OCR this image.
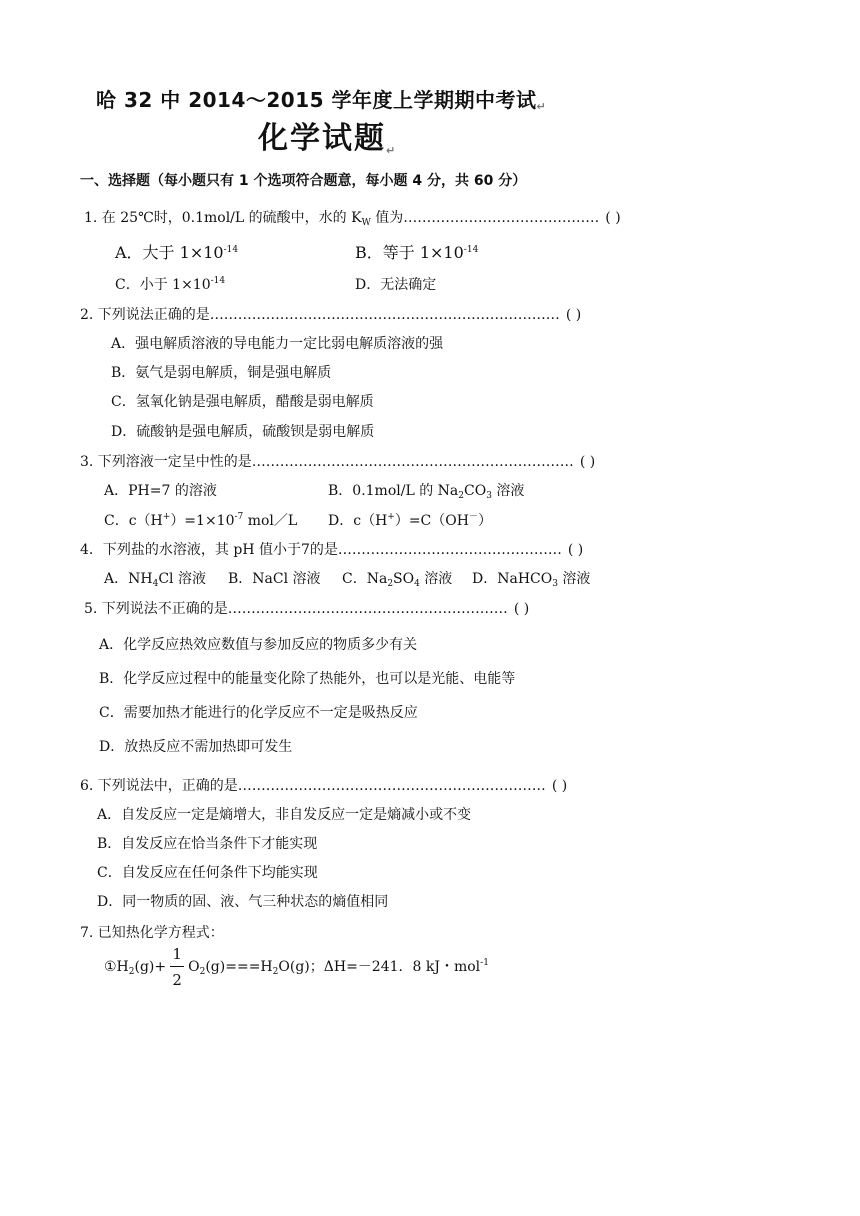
哈 32 中 2014～2015 学年度上学期期中考试↵
化学试题↵
一、选择题（每小题只有 1 个选项符合题意，每小题 4 分，共 60 分）
1. 在 25℃时，0.1mol/L 的硫酸中，水的 $K_W$ 值为…………………………………… ( )
A．大于 $1\times 10^{-14}$	B．等于 $1\times 10^{-14}$
C．小于 $1\times 10^{-14}$	D．无法确定
2. 下列说法正确的是………………………………………………………………… ( )
A．强电解质溶液的导电能力一定比弱电解质溶液的强
B．氨气是弱电解质，铜是强电解质
C．氢氧化钠是强电解质，醋酸是弱电解质
D．硫酸钠是强电解质，硫酸钡是弱电解质
3. 下列溶液一定呈中性的是…………………………………………………………… ( )
A．PH=7 的溶液	B．0.1mol/L 的 $Na_2CO_3$ 溶液
C．$c(H^+)=1\times 10^{-7}$ mol／L D．c（H+）=C（OH－）
4．下列盐的水溶液，其 pH 值小于7的是………………………………………… ( )
A．$NH_4Cl$ 溶液 B．NaCl 溶液 C．$Na_2SO_4$ 溶液 D．NaHCO$_3$ 溶液
5. 下列说法不正确的是…………………………………………………… ( )
A．化学反应热效应数值与参加反应的物质多少有关
B．化学反应过程中的能量变化除了热能外，也可以是光能、电能等
C．需要加热才能进行的化学反应不一定是吸热反应
D．放热反应不需加热即可发生
6. 下列说法中，正确的是………………………………………………………… ( )
A．自发反应一定是熵增大，非自发反应一定是熵减小或不变
B．自发反应在恰当条件下才能实现
C．自发反应在任何条件下均能实现
D．同一物质的固、液、气三种状态的熵值相同
7. 已知热化学方程式：
$①H_2(g)+ \frac{1}{2} O_2(g)===H_2O(g)$；ΔH=－241．8 kJ・mol$^{-1}$
